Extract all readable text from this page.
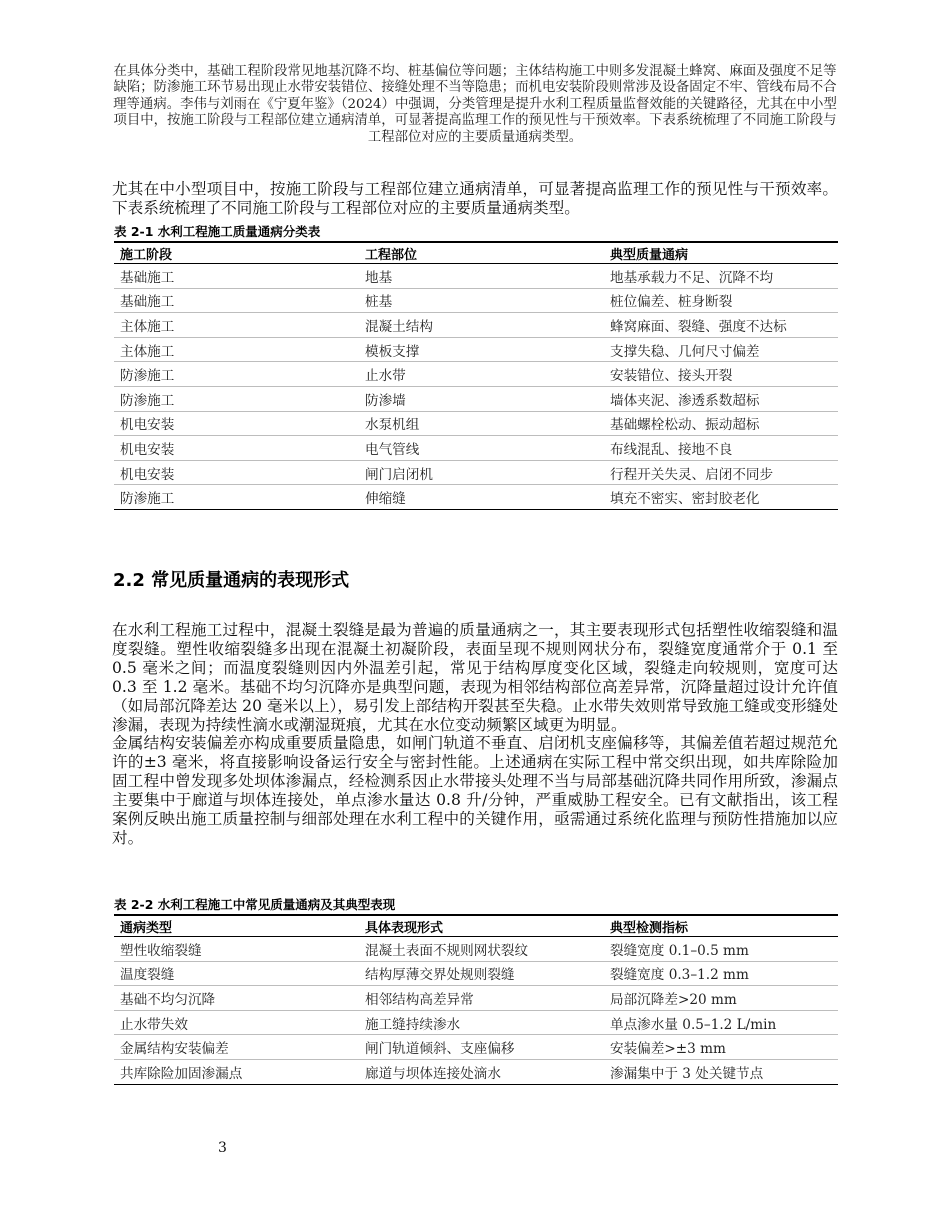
在具体分类中，基础工程阶段常见地基沉降不均、桩基偏位等问题；主体结构施工中则多发混凝土蜂窝、麻面及强度不足等缺陷；防渗施工环节易出现止水带安装错位、接缝处理不当等隐患；而机电安装阶段则常涉及设备固定不牢、管线布局不合理等通病。李伟与刘雨在《宁夏年鉴》（2024）中强调，分类管理是提升水利工程质量监督效能的关键路径，尤其在中小型项目中，按施工阶段与工程部位建立通病清单，可显著提高监理工作的预见性与干预效率。下表系统梳理了不同施工阶段与工程部位对应的主要质量通病类型。

尤其在中小型项目中，按施工阶段与工程部位建立通病清单，可显著提高监理工作的预见性与干预效率。下表系统梳理了不同施工阶段与工程部位对应的主要质量通病类型。

表 2-1 水利工程施工质量通病分类表
施工阶段	工程部位	典型质量通病
基础施工	地基	地基承载力不足、沉降不均
基础施工	桩基	桩位偏差、桩身断裂
主体施工	混凝土结构	蜂窝麻面、裂缝、强度不达标
主体施工	模板支撑	支撑失稳、几何尺寸偏差
防渗施工	止水带	安装错位、接头开裂
防渗施工	防渗墙	墙体夹泥、渗透系数超标
机电安装	水泵机组	基础螺栓松动、振动超标
机电安装	电气管线	布线混乱、接地不良
机电安装	闸门启闭机	行程开关失灵、启闭不同步
防渗施工	伸缩缝	填充不密实、密封胶老化
2.2 常见质量通病的表现形式

在水利工程施工过程中，混凝土裂缝是最为普遍的质量通病之一，其主要表现形式包括塑性收缩裂缝和温度裂缝。塑性收缩裂缝多出现在混凝土初凝阶段，表面呈现不规则网状分布，裂缝宽度通常介于 0.1 至 0.5 毫米之间；而温度裂缝则因内外温差引起，常见于结构厚度变化区域，裂缝走向较规则，宽度可达 0.3 至 1.2 毫米。基础不均匀沉降亦是典型问题，表现为相邻结构部位高差异常，沉降量超过设计允许值（如局部沉降差达 20 毫米以上），易引发上部结构开裂甚至失稳。止水带失效则常导致施工缝或变形缝处渗漏，表现为持续性滴水或潮湿斑痕，尤其在水位变动频繁区域更为明显。

金属结构安装偏差亦构成重要质量隐患，如闸门轨道不垂直、启闭机支座偏移等，其偏差值若超过规范允许的±3 毫米，将直接影响设备运行安全与密封性能。上述通病在实际工程中常交织出现，如共库除险加固工程中曾发现多处坝体渗漏点，经检测系因止水带接头处理不当与局部基础沉降共同作用所致，渗漏点主要集中于廊道与坝体连接处，单点渗水量达 0.8 升/分钟，严重威胁工程安全。已有文献指出，该工程案例反映出施工质量控制与细部处理在水利工程中的关键作用，亟需通过系统化监理与预防性措施加以应对。

表 2-2 水利工程施工中常见质量通病及其典型表现
通病类型	具体表现形式	典型检测指标
塑性收缩裂缝	混凝土表面不规则网状裂纹	裂缝宽度 0.1–0.5 mm
温度裂缝	结构厚薄交界处规则裂缝	裂缝宽度 0.3–1.2 mm
基础不均匀沉降	相邻结构高差异常	局部沉降差>20 mm
止水带失效	施工缝持续渗水	单点渗水量 0.5–1.2 L/min
金属结构安装偏差	闸门轨道倾斜、支座偏移	安装偏差>±3 mm
共库除险加固渗漏点	廊道与坝体连接处滴水	渗漏集中于 3 处关键节点
3
